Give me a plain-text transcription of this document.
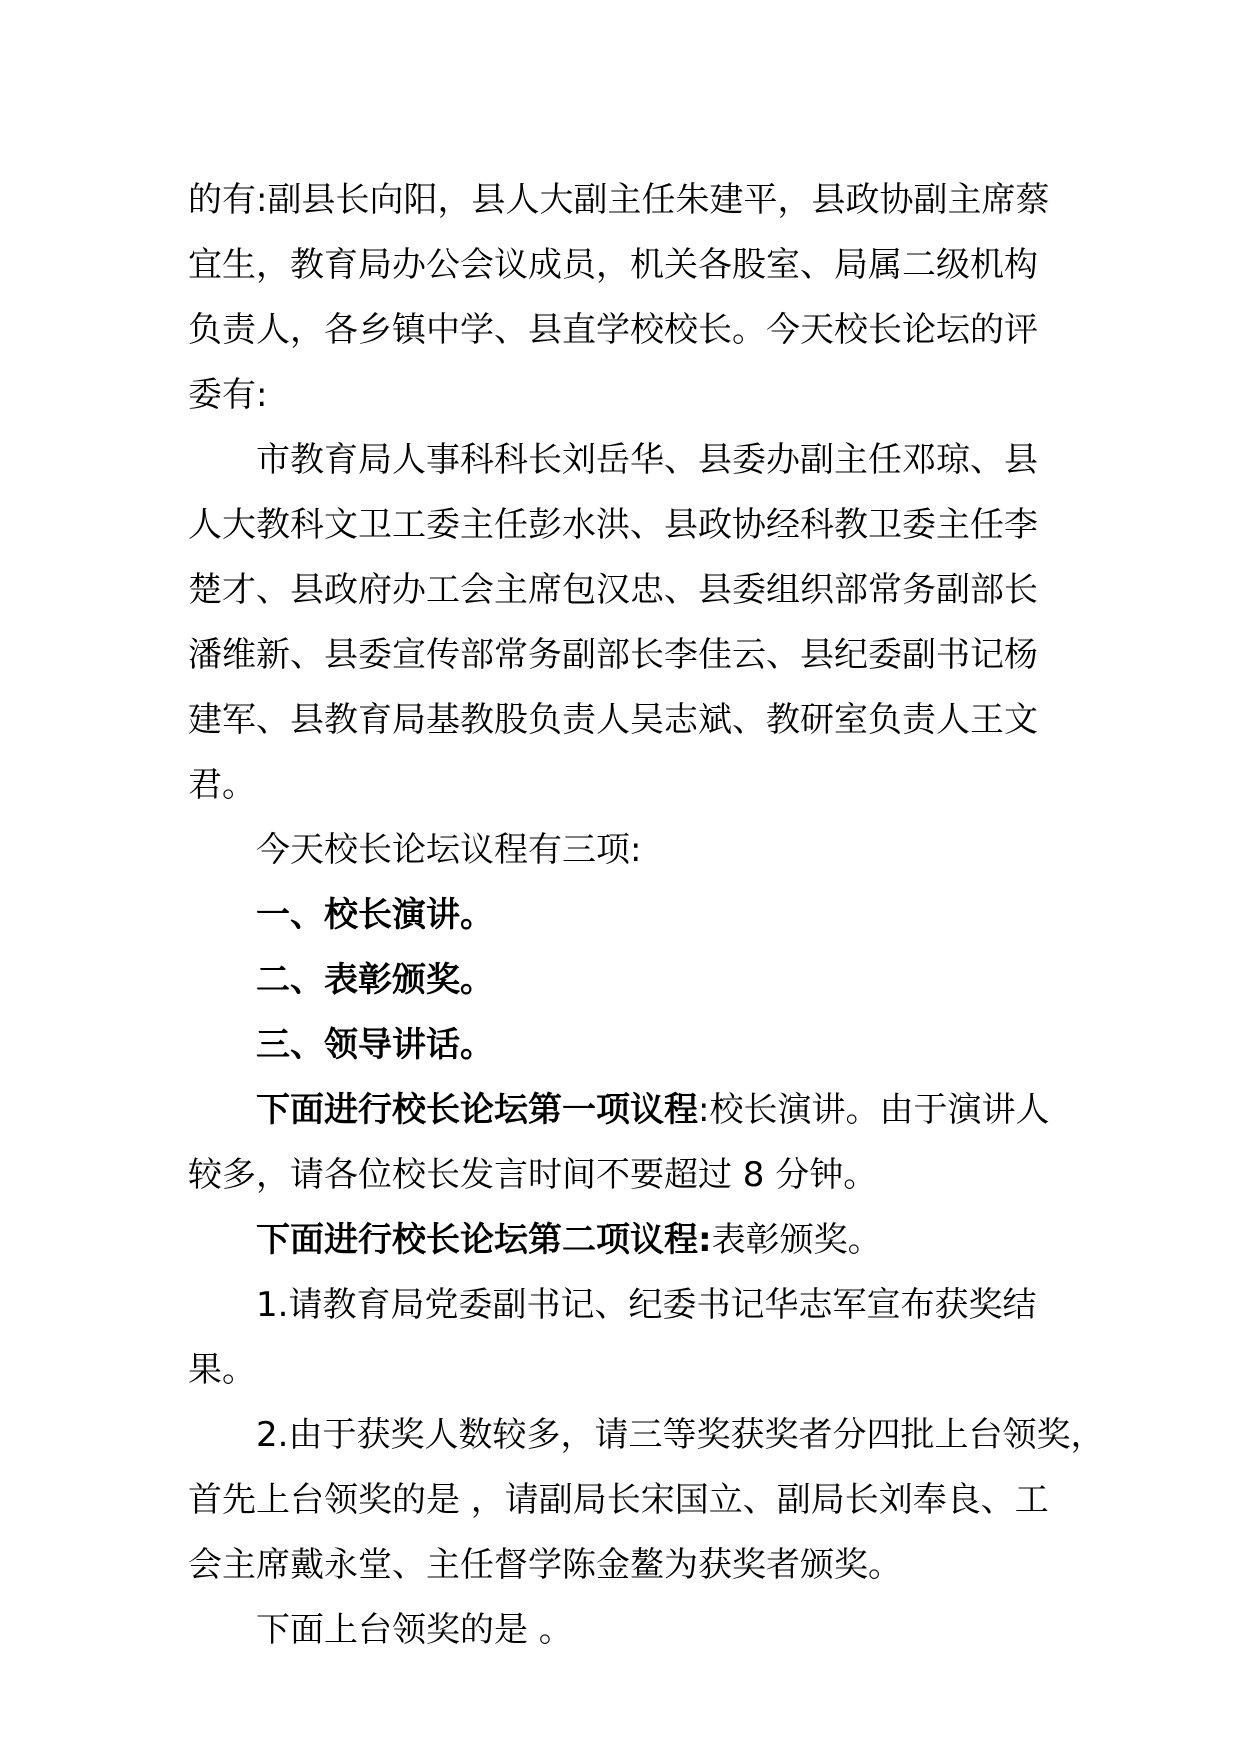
的有:副县长向阳，县人大副主任朱建平，县政协副主席蔡
宜生，教育局办公会议成员，机关各股室、局属二级机构
负责人，各乡镇中学、县直学校校长。今天校长论坛的评
委有:
市教育局人事科科长刘岳华、县委办副主任邓琼、县
人大教科文卫工委主任彭水洪、县政协经科教卫委主任李
楚才、县政府办工会主席包汉忠、县委组织部常务副部长
潘维新、县委宣传部常务副部长李佳云、县纪委副书记杨
建军、县教育局基教股负责人吴志斌、教研室负责人王文
君。
今天校长论坛议程有三项:
一、校长演讲。
二、表彰颁奖。
三、领导讲话。
下面进行校长论坛第一项议程:校长演讲。由于演讲人
较多，请各位校长发言时间不要超过 8 分钟。
下面进行校长论坛第二项议程:表彰颁奖。
1.请教育局党委副书记、纪委书记华志军宣布获奖结果。
2.由于获奖人数较多，请三等奖获奖者分四批上台领奖，
首先上台领奖的是 ，请副局长宋国立、副局长刘奉良、工
会主席戴永堂、主任督学陈金鳌为获奖者颁奖。
下面上台领奖的是 。
